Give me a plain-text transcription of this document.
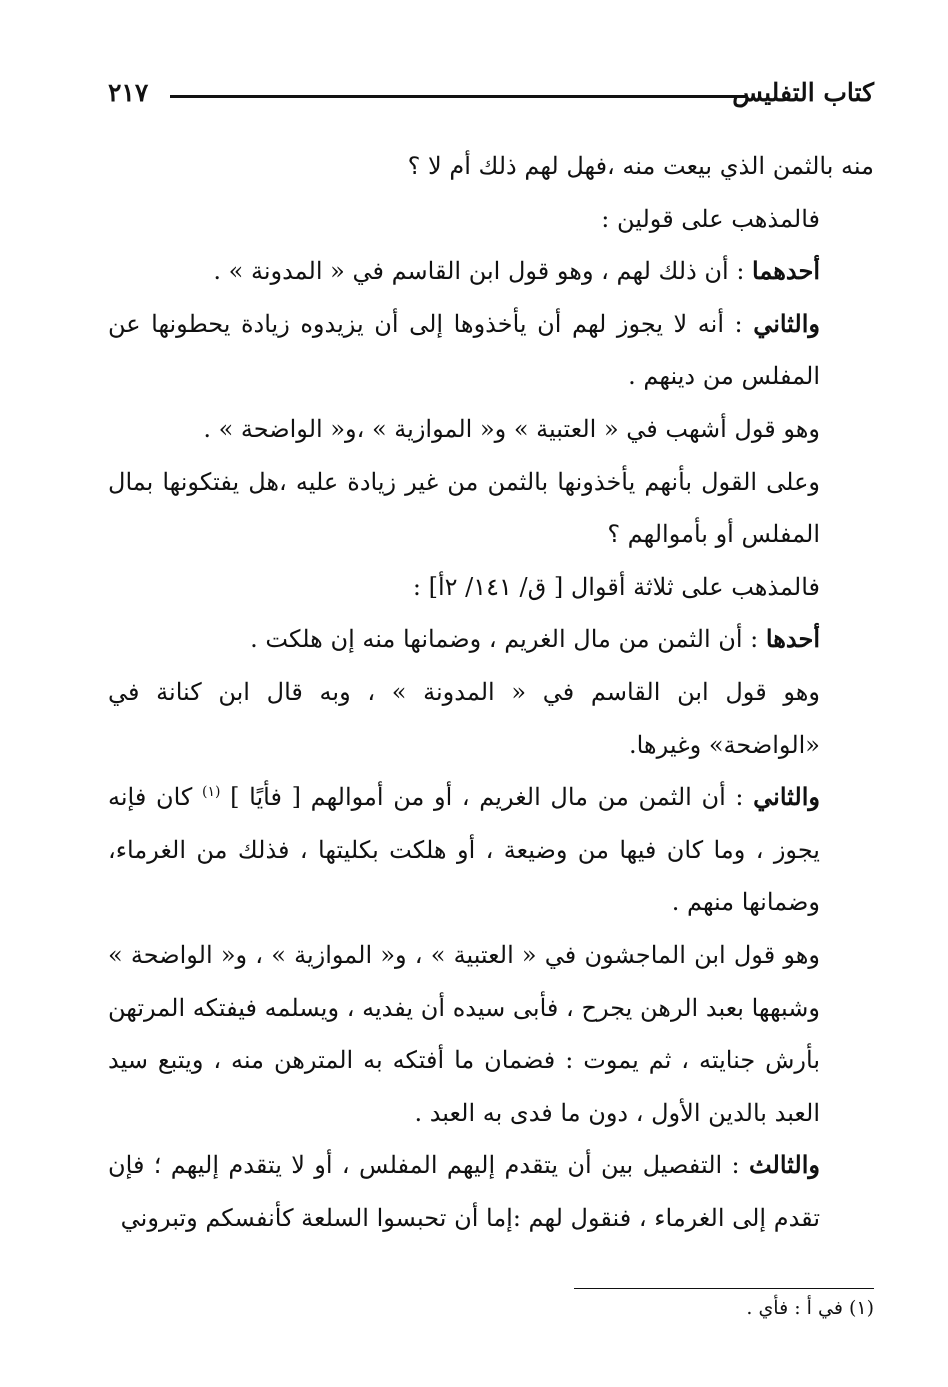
كتاب التفليس
٢١٧

منه بالثمن الذي بيعت منه ،فهل لهم ذلك أم لا ؟

فالمذهب على قولين :

أحدهما : أن ذلك لهم ، وهو قول ابن القاسم في « المدونة » .

والثاني : أنه لا يجوز لهم أن يأخذوها إلى أن يزيدوه زيادة يحطونها عن المفلس من دينهم .

وهو قول أشهب في « العتبية » و« الموازية » ،و« الواضحة » .

وعلى القول بأنهم يأخذونها بالثمن من غير زيادة عليه ،هل يفتكونها بمال المفلس أو بأموالهم ؟

فالمذهب على ثلاثة أقوال [ ق/ ١٤١/ ٢أ] :

أحدها : أن الثمن من مال الغريم ، وضمانها منه إن هلكت .

وهو قول ابن القاسم في « المدونة » ، وبه قال ابن كنانة في «الواضحة» وغيرها.

والثاني : أن الثمن من مال الغريم ، أو من أموالهم [ فأيًا ] $^{(١)}$ كان فإنه يجوز ، وما كان فيها من وضيعة ، أو هلكت بكليتها ، فذلك من الغرماء، وضمانها منهم .

وهو قول ابن الماجشون في « العتبية » ، و« الموازية » ، و« الواضحة » وشبهها بعبد الرهن يجرح ، فأبى سيده أن يفديه ، ويسلمه فيفتكه المرتهن بأرش جنايته ، ثم يموت : فضمان ما أفتكه به المترهن منه ، ويتبع سيد العبد بالدين الأول ، دون ما فدى به العبد .

والثالث : التفصيل بين أن يتقدم إليهم المفلس ، أو لا يتقدم إليهم ؛ فإن تقدم إلى الغرماء ، فنقول لهم :إما أن تحبسوا السلعة كأنفسكم وتبروني

(١) في أ : فأي .
